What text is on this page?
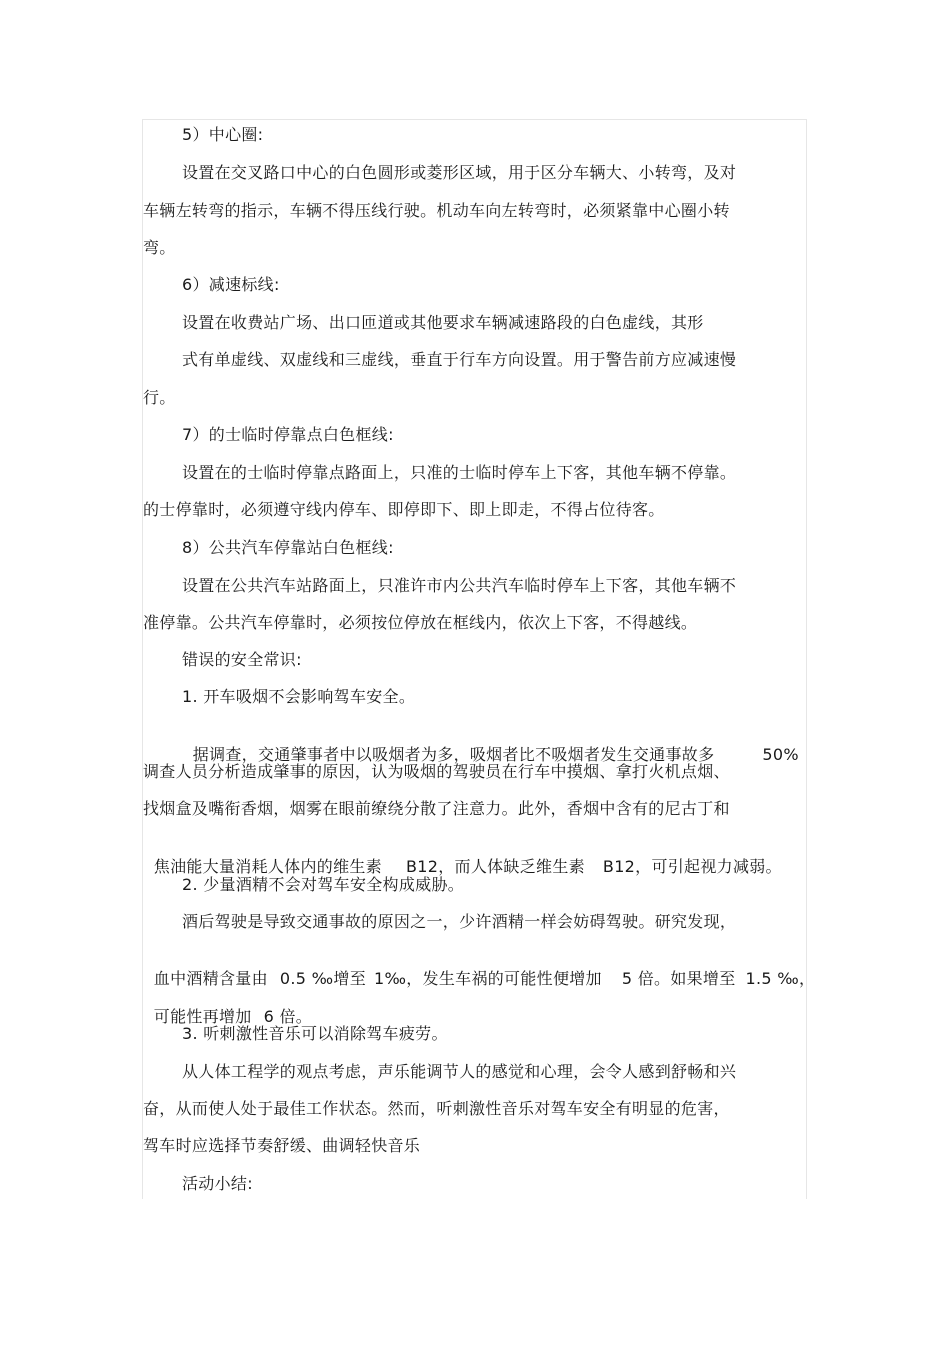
5）中心圈:
设置在交叉路口中心的白色圆形或菱形区域，用于区分车辆大、小转弯，及对
车辆左转弯的指示，车辆不得压线行驶。机动车向左转弯时，必须紧靠中心圈小转
弯。
6）减速标线:
设置在收费站广场、出口匝道或其他要求车辆减速路段的白色虚线，其形
式有单虚线、双虚线和三虚线，垂直于行车方向设置。用于警告前方应减速慢
行。
7）的士临时停靠点白色框线:
设置在的士临时停靠点路面上，只准的士临时停车上下客，其他车辆不停靠。
的士停靠时，必须遵守线内停车、即停即下、即上即走，不得占位待客。
8）公共汽车停靠站白色框线:
设置在公共汽车站路面上，只准许市内公共汽车临时停车上下客，其他车辆不
准停靠。公共汽车停靠时，必须按位停放在框线内，依次上下客，不得越线。
错误的安全常识:
1. 开车吸烟不会影响驾车安全。

据调查，交通肇事者中以吸烟者为多，吸烟者比不吸烟者发生交通事故多	50%

调查人员分析造成肇事的原因，认为吸烟的驾驶员在行车中摸烟、拿打火机点烟、
找烟盒及嘴衔香烟，烟雾在眼前缭绕分散了注意力。此外，香烟中含有的尼古丁和

焦油能大量消耗人体内的维生素 B12，而人体缺乏维生素 B12，可引起视力减弱。

2. 少量酒精不会对驾车安全构成威胁。
酒后驾驶是导致交通事故的原因之一，少许酒精一样会妨碍驾驶。研究发现，

血中酒精含量由 0.5 ‰增至 1‰，发生车祸的可能性便增加 5 倍。如果增至 1.5 ‰，

可能性再增加 6 倍。

3. 听刺激性音乐可以消除驾车疲劳。
从人体工程学的观点考虑，声乐能调节人的感觉和心理，会令人感到舒畅和兴
奋，从而使人处于最佳工作状态。然而，听刺激性音乐对驾车安全有明显的危害，
驾车时应选择节奏舒缓、曲调轻快音乐
活动小结:
